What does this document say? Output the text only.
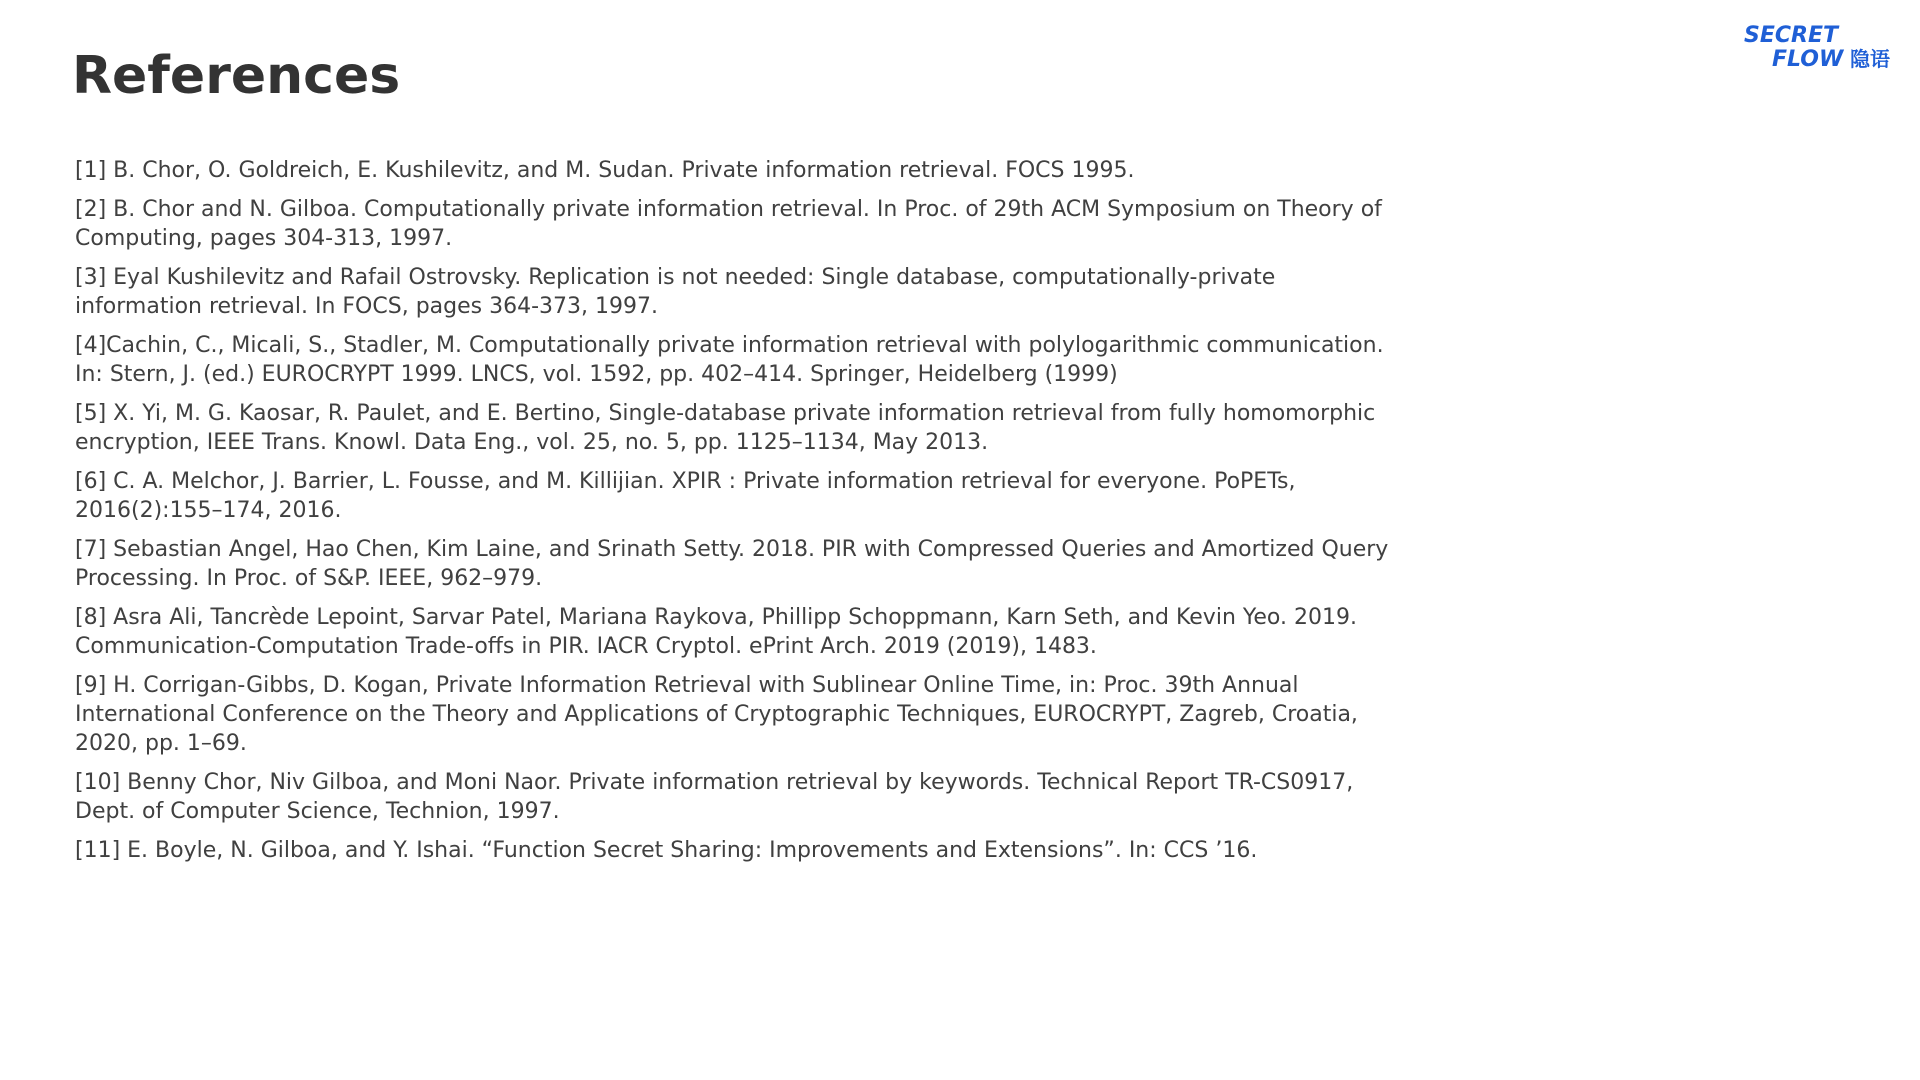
References
SECRET
FLOW 隐语
[1] B. Chor, O. Goldreich, E. Kushilevitz, and M. Sudan. Private information retrieval. FOCS 1995.
[2] B. Chor and N. Gilboa. Computationally private information retrieval. In Proc. of 29th ACM Symposium on Theory of Computing, pages 304-313, 1997.
[3] Eyal Kushilevitz and Rafail Ostrovsky. Replication is not needed: Single database, computationally-private information retrieval. In FOCS, pages 364-373, 1997.
[4]Cachin, C., Micali, S., Stadler, M. Computationally private information retrieval with polylogarithmic communication. In: Stern, J. (ed.) EUROCRYPT 1999. LNCS, vol. 1592, pp. 402–414. Springer, Heidelberg (1999)
[5] X. Yi, M. G. Kaosar, R. Paulet, and E. Bertino, Single-database private information retrieval from fully homomorphic encryption, IEEE Trans. Knowl. Data Eng., vol. 25, no. 5, pp. 1125–1134, May 2013.
[6] C. A. Melchor, J. Barrier, L. Fousse, and M. Killijian. XPIR : Private information retrieval for everyone. PoPETs, 2016(2):155–174, 2016.
[7] Sebastian Angel, Hao Chen, Kim Laine, and Srinath Setty. 2018. PIR with Compressed Queries and Amortized Query Processing. In Proc. of S&P. IEEE, 962–979.
[8] Asra Ali, Tancrède Lepoint, Sarvar Patel, Mariana Raykova, Phillipp Schoppmann, Karn Seth, and Kevin Yeo. 2019. Communication-Computation Trade-offs in PIR. IACR Cryptol. ePrint Arch. 2019 (2019), 1483.
[9] H. Corrigan-Gibbs, D. Kogan, Private Information Retrieval with Sublinear Online Time, in: Proc. 39th Annual International Conference on the Theory and Applications of Cryptographic Techniques, EUROCRYPT, Zagreb, Croatia, 2020, pp. 1–69.
[10] Benny Chor, Niv Gilboa, and Moni Naor. Private information retrieval by keywords. Technical Report TR-CS0917, Dept. of Computer Science, Technion, 1997.
[11] E. Boyle, N. Gilboa, and Y. Ishai. “Function Secret Sharing: Improvements and Extensions”. In: CCS ’16.
